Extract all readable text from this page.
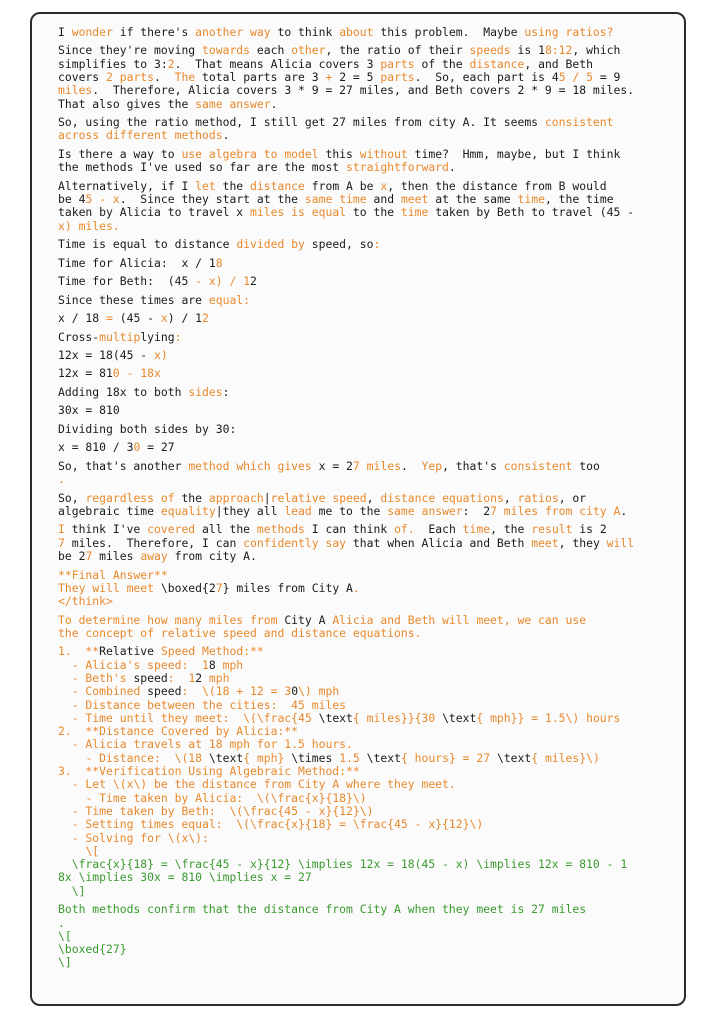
I wonder if there's another way to think about this problem.  Maybe using ratios?
Since they're moving towards each other, the ratio of their speeds is 18:12, which
simplifies to 3:2.  That means Alicia covers 3 parts of the distance, and Beth
covers 2 parts.  The total parts are 3 + 2 = 5 parts.  So, each part is 45 / 5 = 9
miles.  Therefore, Alicia covers 3 * 9 = 27 miles, and Beth covers 2 * 9 = 18 miles.
That also gives the same answer.
So, using the ratio method, I still get 27 miles from city A. It seems consistent
across different methods.
Is there a way to use algebra to model this without time?  Hmm, maybe, but I think
the methods I've used so far are the most straightforward.
Alternatively, if I let the distance from A be x, then the distance from B would
be 45 - x.  Since they start at the same time and meet at the same time, the time
taken by Alicia to travel x miles is equal to the time taken by Beth to travel (45 -
x) miles.
Time is equal to distance divided by speed, so:
Time for Alicia:  x / 18
Time for Beth:  (45 - x) / 12
Since these times are equal:
x / 18 = (45 - x) / 12
Cross-multiplying:
12x = 18(45 - x)
12x = 810 - 18x
Adding 18x to both sides:
30x = 810
Dividing both sides by 30:
x = 810 / 30 = 27
So, that's another method which gives x = 27 miles.  Yep, that's consistent too
.
So, regardless of the approach|relative speed, distance equations, ratios, or
algebraic time equality|they all lead me to the same answer:  27 miles from city A.
I think I've covered all the methods I can think of.  Each time, the result is 2
7 miles.  Therefore, I can confidently say that when Alicia and Beth meet, they will
be 27 miles away from city A.
**Final Answer**
They will meet \boxed{27} miles from City A.
</think>
To determine how many miles from City A Alicia and Beth will meet, we can use
the concept of relative speed and distance equations.
1.  **Relative Speed Method:**
- Alicia's speed:  18 mph
- Beth's speed:  12 mph
- Combined speed:  \(18 + 12 = 30\) mph
- Distance between the cities:  45 miles
- Time until they meet:  \(\frac{45 \text{ miles}}{30 \text{ mph}} = 1.5\) hours
2.  **Distance Covered by Alicia:**
- Alicia travels at 18 mph for 1.5 hours.
- Distance:  \(18 \text{ mph} \times 1.5 \text{ hours} = 27 \text{ miles}\)
3.  **Verification Using Algebraic Method:**
- Let \(x\) be the distance from City A where they meet.
- Time taken by Alicia:  \(\frac{x}{18}\)
- Time taken by Beth:  \(\frac{45 - x}{12}\)
- Setting times equal:  \(\frac{x}{18} = \frac{45 - x}{12}\)
- Solving for \(x\):
\[
\frac{x}{18} = \frac{45 - x}{12} \implies 12x = 18(45 - x) \implies 12x = 810 - 1
8x \implies 30x = 810 \implies x = 27
\]
Both methods confirm that the distance from City A when they meet is 27 miles
.
\[
\boxed{27}
\]
